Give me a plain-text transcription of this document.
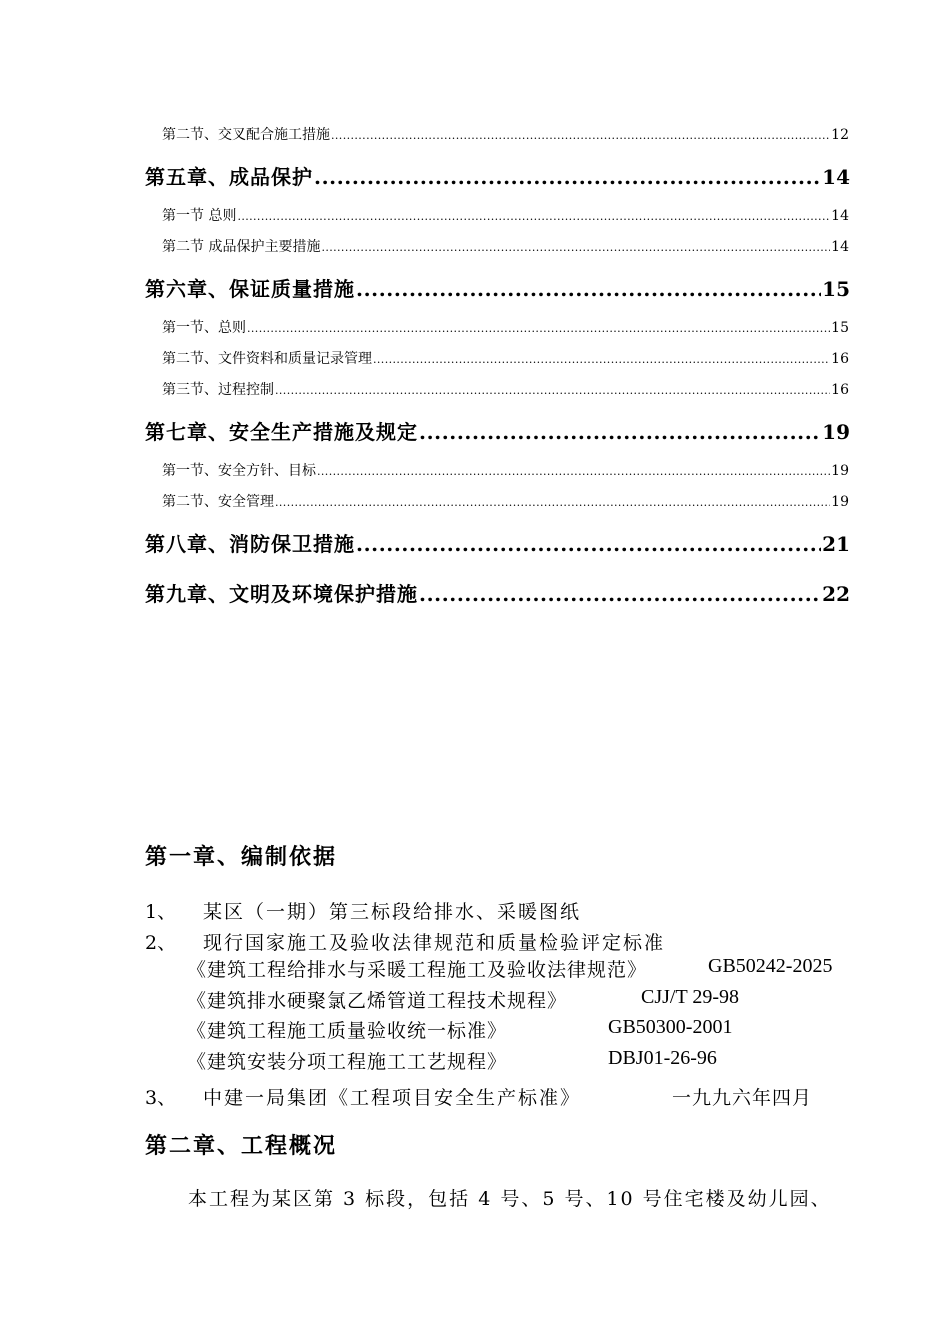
第二节、交叉配合施工措施 .....	12
第五章、成品保护 .....	14
第一节 总则 .....	14
第二节 成品保护主要措施 .....	14
第六章、保证质量措施 .....	15
第一节、总则 .....	15
第二节、文件资料和质量记录管理 .....	16
第三节、过程控制 .....	16
第七章、安全生产措施及规定 .....	19
第一节、安全方针、目标 .....	19
第二节、安全管理 .....	19
第八章、消防保卫措施 .....	21
第九章、文明及环境保护措施 .....	22
第一章、编制依据
1、 某区（一期）第三标段给排水、采暖图纸
2、 现行国家施工及验收法律规范和质量检验评定标准
《建筑工程给排水与采暖工程施工及验收法律规范》	GB50242-2025
《建筑排水硬聚氯乙烯管道工程技术规程》	CJJ/T 29-98
《建筑工程施工质量验收统一标准》	GB50300-2001
《建筑安装分项工程施工工艺规程》	DBJ01-26-96
3、 中建一局集团《工程项目安全生产标准》	一九九六年四月
第二章、工程概况
本工程为某区第 3 标段，包括 4 号、5 号、10 号住宅楼及幼儿园、
